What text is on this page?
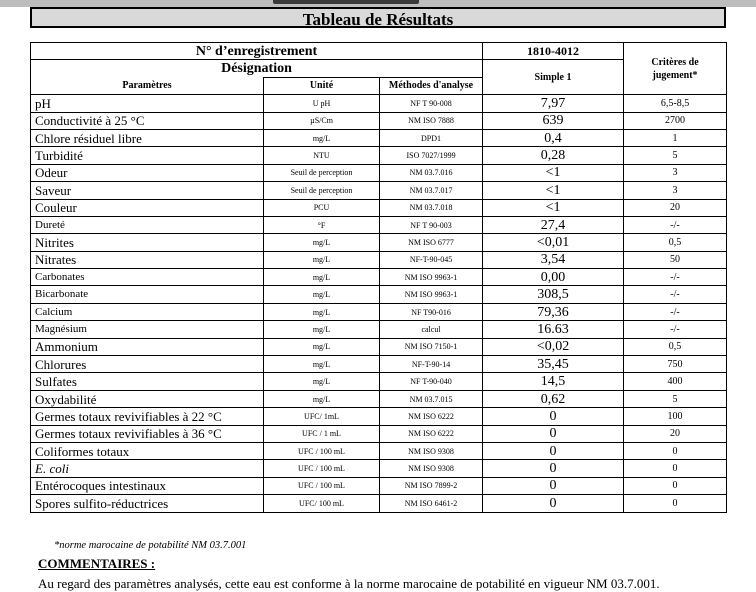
Tableau de Résultats
N° d’enregistrement			1810-4012	Critères de jugement*
Désignation			Simple 1	
Paramètres	Unité	Méthodes d'analyse		
pH	U pH	NF T 90-008	7,97	6,5-8,5
Conductivité à 25 °C	µS/Cm	NM ISO 7888	639	2700
Chlore résiduel libre	mg/L	DPD1	0,4	1
Turbidité	NTU	ISO 7027/1999	0,28	5
Odeur	Seuil de perception	NM 03.7.016	<1	3
Saveur	Seuil de perception	NM 03.7.017	<1	3
Couleur	PCU	NM 03.7.018	<1	20
Dureté	°F	NF T 90-003	27,4	-/-
Nitrites	mg/L	NM ISO 6777	<0,01	0,5
Nitrates	mg/L	NF-T-90-045	3,54	50
Carbonates	mg/L	NM ISO 9963-1	0,00	-/-
Bicarbonate	mg/L	NM ISO 9963-1	308,5	-/-
Calcium	mg/L	NF T90-016	79,36	-/-
Magnésium	mg/L	calcul	16.63	-/-
Ammonium	mg/L	NM ISO 7150-1	<0,02	0,5
Chlorures	mg/L	NF-T-90-14	35,45	750
Sulfates	mg/L	NF T-90-040	14,5	400
Oxydabilité	mg/L	NM 03.7.015	0,62	5
Germes totaux revivifiables à 22 °C	UFC/ 1mL	NM ISO 6222	0	100
Germes totaux revivifiables à 36 °C	UFC / 1 mL	NM ISO 6222	0	20
Coliformes totaux	UFC / 100 mL	NM ISO 9308	0	0
E. coli	UFC / 100 mL	NM ISO 9308	0	0
Entérocoques intestinaux	UFC / 100 mL	NM ISO 7899-2	0	0
Spores sulfito-réductrices	UFC/ 100 mL	NM ISO 6461-2	0	0
*norme marocaine de potabilité NM 03.7.001
COMMENTAIRES :
Au regard des paramètres analysés, cette eau est conforme à la norme marocaine de potabilité en vigueur NM 03.7.001.
